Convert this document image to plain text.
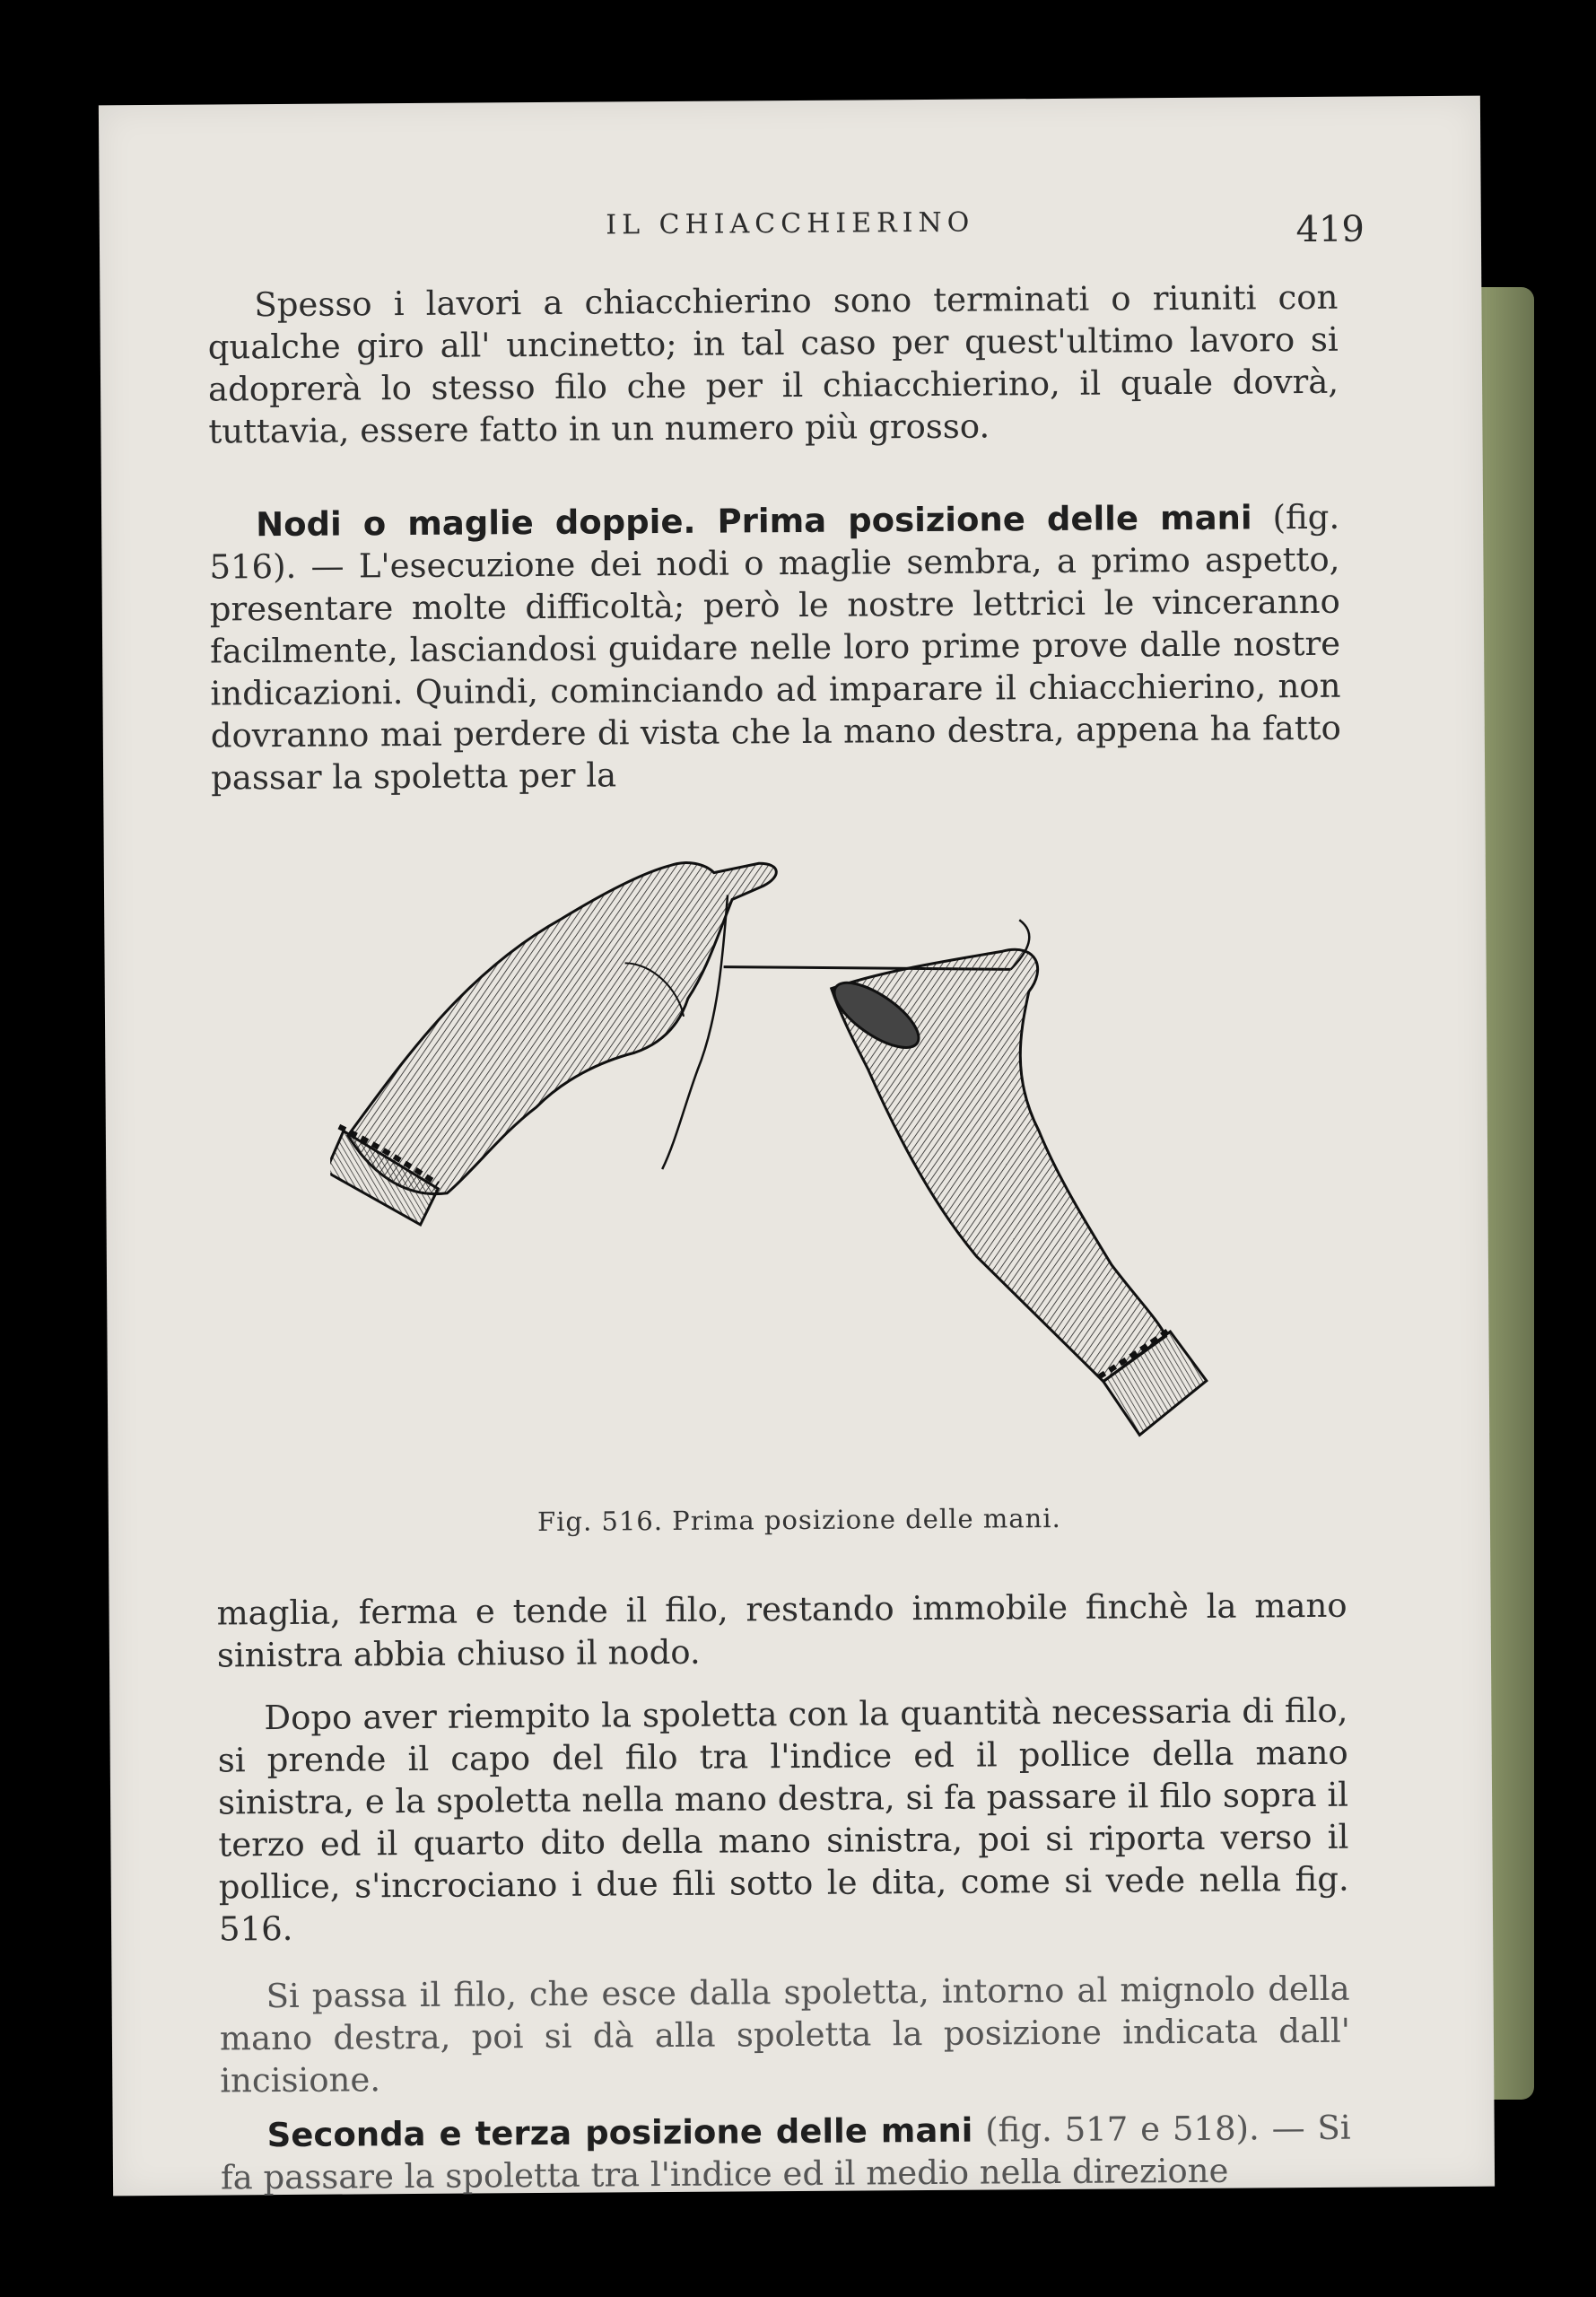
IL CHIACCHIERINO	419

Spesso i lavori a chiacchierino sono terminati o riuniti con qualche giro all' uncinetto; in tal caso per quest'ultimo lavoro si adoprerà lo stesso filo che per il chiacchierino, il quale dovrà, tuttavia, essere fatto in un numero più grosso.

Nodi o maglie doppie. Prima posizione delle mani (fig. 516). — L'esecuzione dei nodi o maglie sembra, a primo aspetto, presentare molte difficoltà; però le nostre lettrici le vinceranno facilmente, lasciandosi guidare nelle loro prime prove dalle nostre indicazioni. Quindi, cominciando ad imparare il chiacchierino, non dovranno mai perdere di vista che la mano destra, appena ha fatto passar la spoletta per la

Fig. 516. Prima posizione delle mani.

maglia, ferma e tende il filo, restando immobile finchè la mano sinistra abbia chiuso il nodo.

Dopo aver riempito la spoletta con la quantità necessaria di filo, si prende il capo del filo tra l'indice ed il pollice della mano sinistra, e la spoletta nella mano destra, si fa passare il filo sopra il terzo ed il quarto dito della mano sinistra, poi si riporta verso il pollice, s'incrociano i due fili sotto le dita, come si vede nella fig. 516.

Si passa il filo, che esce dalla spoletta, intorno al mignolo della mano destra, poi si dà alla spoletta la posizione indicata dall' incisione.

Seconda e terza posizione delle mani (fig. 517 e 518). — Si fa passare la spoletta tra l'indice ed il medio nella direzione
